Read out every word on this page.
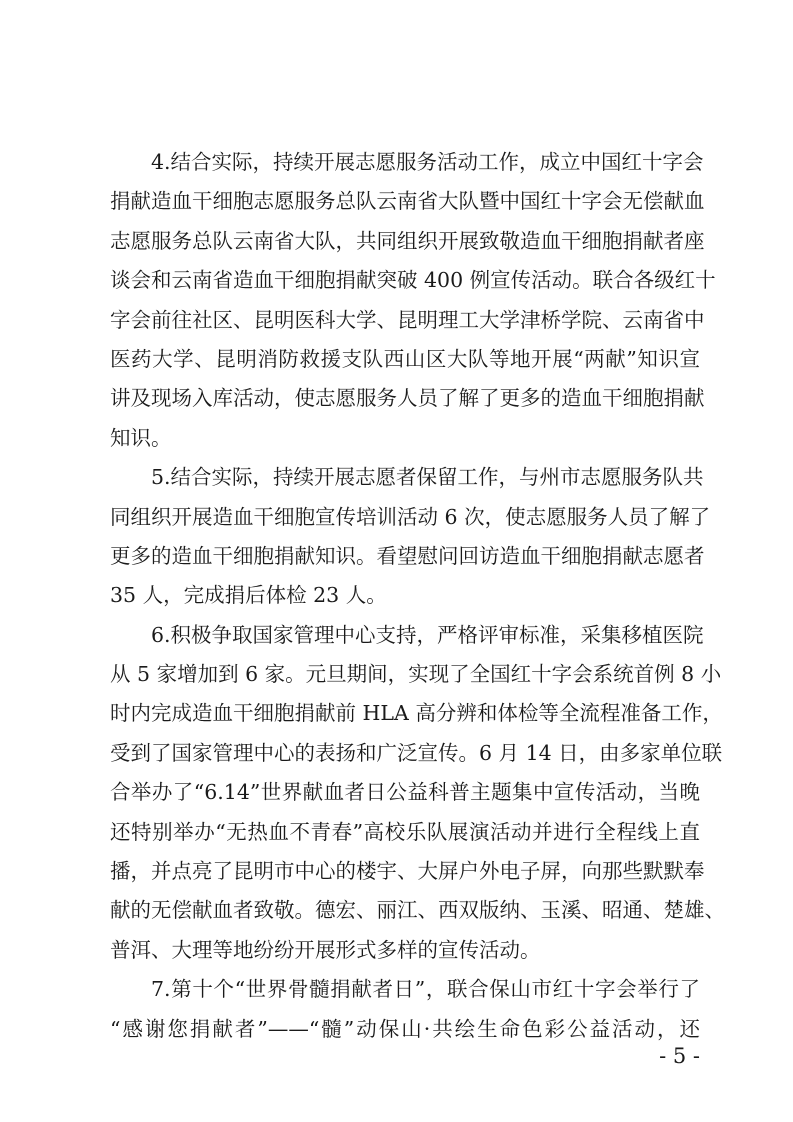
4.结合实际，持续开展志愿服务活动工作，成立中国红十字会
捐献造血干细胞志愿服务总队云南省大队暨中国红十字会无偿献血
志愿服务总队云南省大队，共同组织开展致敬造血干细胞捐献者座
谈会和云南省造血干细胞捐献突破 400 例宣传活动。联合各级红十
字会前往社区、昆明医科大学、昆明理工大学津桥学院、云南省中
医药大学、昆明消防救援支队西山区大队等地开展“两献”知识宣
讲及现场入库活动，使志愿服务人员了解了更多的造血干细胞捐献
知识。
5.结合实际，持续开展志愿者保留工作，与州市志愿服务队共
同组织开展造血干细胞宣传培训活动 6 次，使志愿服务人员了解了
更多的造血干细胞捐献知识。看望慰问回访造血干细胞捐献志愿者
35 人，完成捐后体检 23 人。
6.积极争取国家管理中心支持，严格评审标准，采集移植医院
从 5 家增加到 6 家。元旦期间，实现了全国红十字会系统首例 8 小
时内完成造血干细胞捐献前 HLA 高分辨和体检等全流程准备工作，
受到了国家管理中心的表扬和广泛宣传。6 月 14 日，由多家单位联
合举办了“6.14”世界献血者日公益科普主题集中宣传活动，当晚
还特别举办“无热血不青春”高校乐队展演活动并进行全程线上直
播，并点亮了昆明市中心的楼宇、大屏户外电子屏，向那些默默奉
献的无偿献血者致敬。德宏、丽江、西双版纳、玉溪、昭通、楚雄、
普洱、大理等地纷纷开展形式多样的宣传活动。
7.第十个“世界骨髓捐献者日”，联合保山市红十字会举行了
“感谢您捐献者”——“髓”动保山·共绘生命色彩公益活动，还
- 5 -
